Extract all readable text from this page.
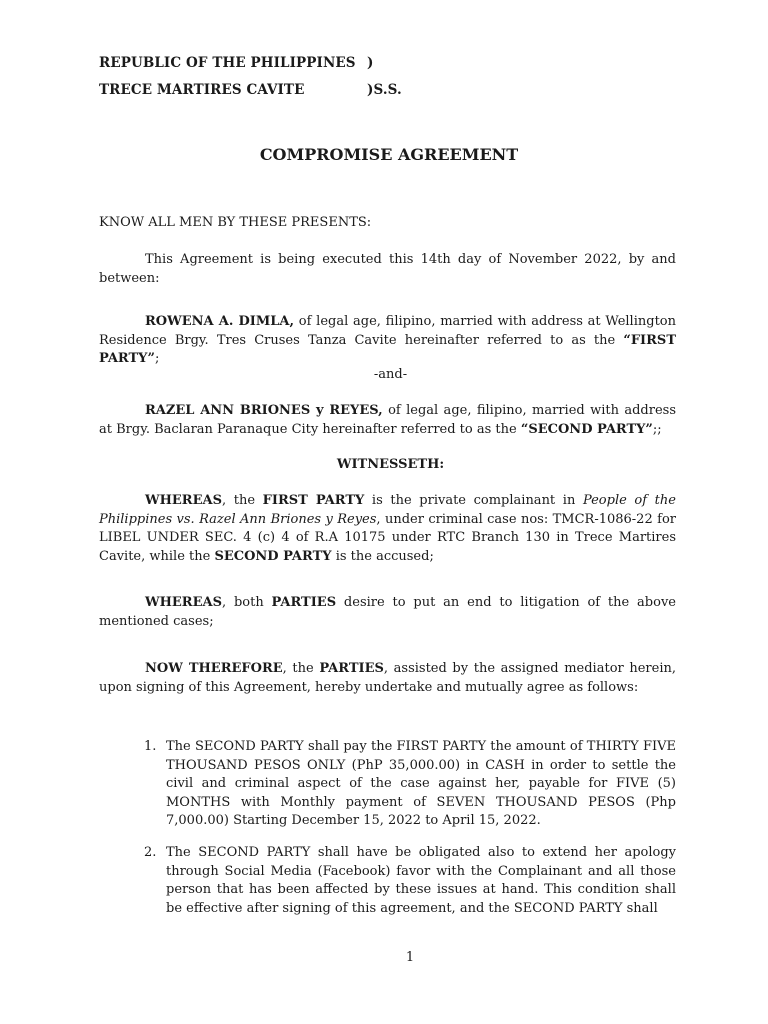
REPUBLIC OF THE PHILIPPINES )
TRECE MARTIRES CAVITE	)S.S.
COMPROMISE AGREEMENT
KNOW ALL MEN BY THESE PRESENTS:
This Agreement is being executed this 14th day of November 2022, by and between:
ROWENA A. DIMLA, of legal age, filipino, married with address at Wellington Residence Brgy. Tres Cruses Tanza Cavite hereinafter referred to as the “FIRST PARTY”;
-and-
RAZEL ANN BRIONES y REYES, of legal age, filipino, married with address at Brgy. Baclaran Paranaque City hereinafter referred to as the “SECOND PARTY”;;
WITNESSETH:
WHEREAS, the FIRST PARTY is the private complainant in People of the Philippines vs. Razel Ann Briones y Reyes, under criminal case nos: TMCR-1086-22 for LIBEL UNDER SEC. 4 (c) 4 of R.A 10175 under RTC Branch 130 in Trece Martires Cavite, while the SECOND PARTY is the accused;
WHEREAS, both PARTIES desire to put an end to litigation of the above mentioned cases;
NOW THEREFORE, the PARTIES, assisted by the assigned mediator herein, upon signing of this Agreement, hereby undertake and mutually agree as follows:
1. The SECOND PARTY shall pay the FIRST PARTY the amount of THIRTY FIVE THOUSAND PESOS ONLY (PhP 35,000.00) in CASH in order to settle the civil and criminal aspect of the case against her, payable for FIVE (5) MONTHS with Monthly payment of SEVEN THOUSAND PESOS (Php 7,000.00) Starting December 15, 2022 to April 15, 2022.
2. The SECOND PARTY shall have be obligated also to extend her apology through Social Media (Facebook) favor with the Complainant and all those person that has been affected by these issues at hand. This condition shall be effective after signing of this agreement, and the SECOND PARTY shall
1
